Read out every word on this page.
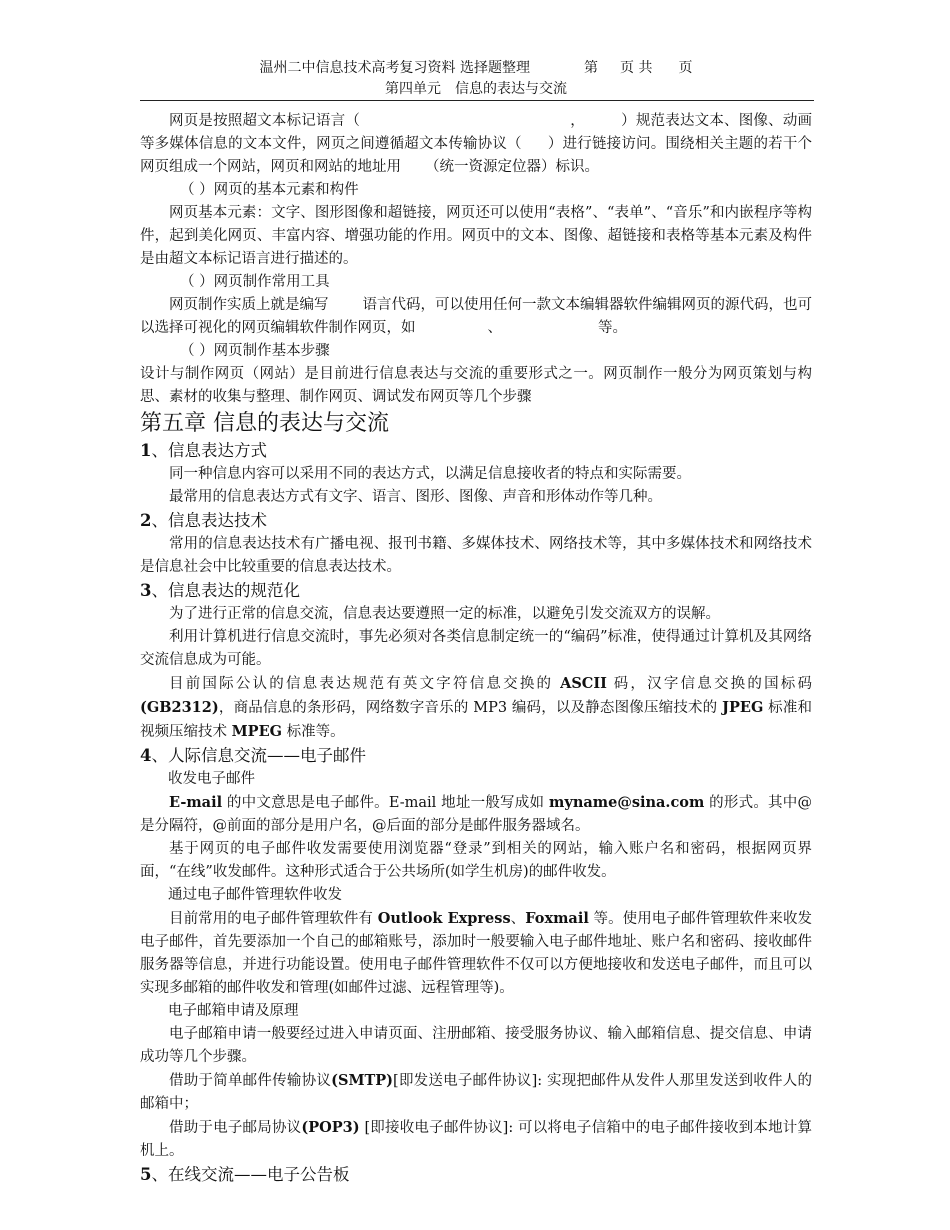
温州二中信息技术高考复习资料 选择题整理	第 页 共 页
第四单元　信息的表达与交流

网页是按照超文本标记语言（	， ）规范表达文本、图像、动画等多媒体信息的文本文件，网页之间遵循超文本传输协议（ ）进行链接访问。围绕相关主题的若干个网页组成一个网站，网页和网站的地址用 （统一资源定位器）标识。

（ ）网页的基本元素和构件

网页基本元素：文字、图形图像和超链接，网页还可以使用“表格”、“表单”、“音乐”和内嵌程序等构件，起到美化网页、丰富内容、增强功能的作用。网页中的文本、图像、超链接和表格等基本元素及构件是由超文本标记语言进行描述的。

（ ）网页制作常用工具

网页制作实质上就是编写 语言代码，可以使用任何一款文本编辑器软件编辑网页的源代码，也可以选择可视化的网页编辑软件制作网页，如	、	等。

（ ）网页制作基本步骤

设计与制作网页（网站）是目前进行信息表达与交流的重要形式之一。网页制作一般分为网页策划与构思、素材的收集与整理、制作网页、调试发布网页等几个步骤

第五章 信息的表达与交流

1、信息表达方式

同一种信息内容可以采用不同的表达方式，以满足信息接收者的特点和实际需要。

最常用的信息表达方式有文字、语言、图形、图像、声音和形体动作等几种。

2、信息表达技术

常用的信息表达技术有广播电视、报刊书籍、多媒体技术、网络技术等，其中多媒体技术和网络技术是信息社会中比较重要的信息表达技术。

3、信息表达的规范化

为了进行正常的信息交流，信息表达要遵照一定的标准，以避免引发交流双方的误解。

利用计算机进行信息交流时，事先必须对各类信息制定统一的“编码”标准，使得通过计算机及其网络交流信息成为可能。

目前国际公认的信息表达规范有英文字符信息交换的 ASCII 码，汉字信息交换的国标码(GB2312)，商品信息的条形码，网络数字音乐的 MP3 编码，以及静态图像压缩技术的 JPEG 标准和视频压缩技术 MPEG 标准等。

4、人际信息交流——电子邮件

收发电子邮件

E-mail 的中文意思是电子邮件。E-mail 地址一般写成如 myname@sina.com 的形式。其中@是分隔符，@前面的部分是用户名，@后面的部分是邮件服务器域名。

基于网页的电子邮件收发需要使用浏览器“登录”到相关的网站，输入账户名和密码，根据网页界面，“在线”收发邮件。这种形式适合于公共场所(如学生机房)的邮件收发。

通过电子邮件管理软件收发

目前常用的电子邮件管理软件有 Outlook Express、Foxmail 等。使用电子邮件管理软件来收发电子邮件，首先要添加一个自己的邮箱账号，添加时一般要输入电子邮件地址、账户名和密码、接收邮件服务器等信息，并进行功能设置。使用电子邮件管理软件不仅可以方便地接收和发送电子邮件，而且可以实现多邮箱的邮件收发和管理(如邮件过滤、远程管理等)。

电子邮箱申请及原理

电子邮箱申请一般要经过进入申请页面、注册邮箱、接受服务协议、输入邮箱信息、提交信息、申请成功等几个步骤。

借助于简单邮件传输协议(SMTP)[即发送电子邮件协议]: 实现把邮件从发件人那里发送到收件人的邮箱中；

借助于电子邮局协议(POP3) [即接收电子邮件协议]: 可以将电子信箱中的电子邮件接收到本地计算机上。

5、在线交流——电子公告板
